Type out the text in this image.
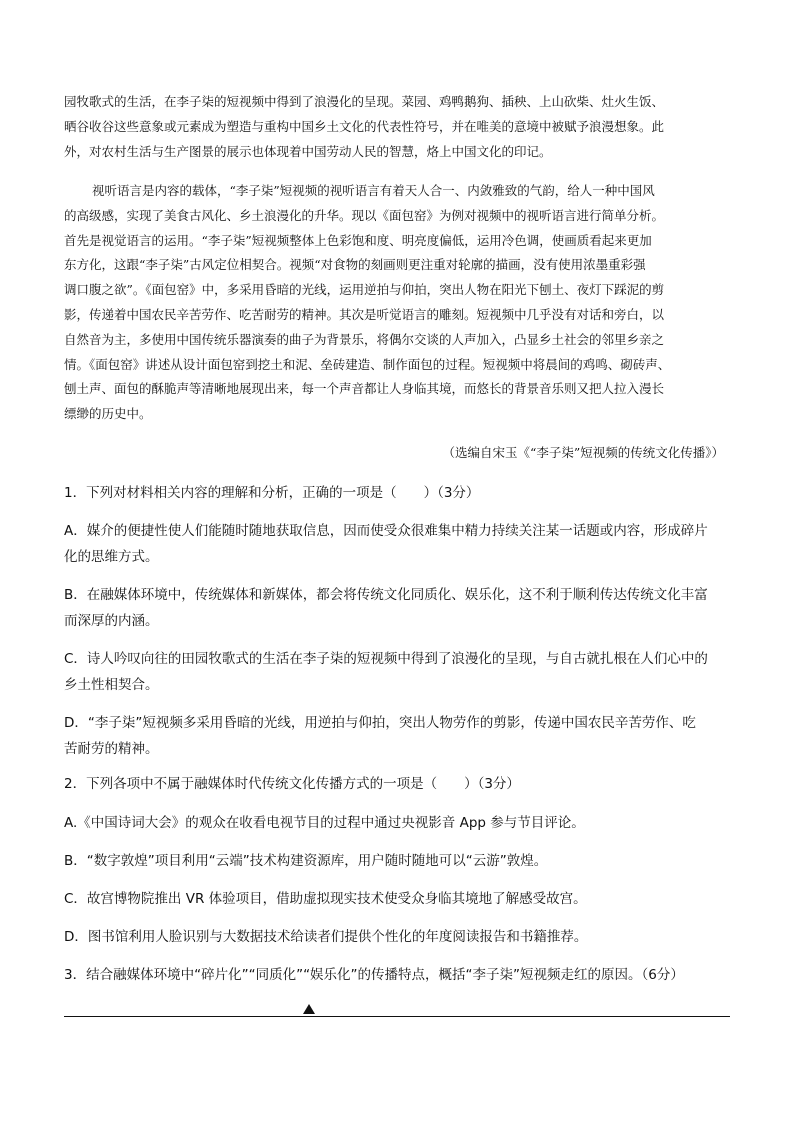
园牧歌式的生活，在李子柒的短视频中得到了浪漫化的呈现。菜园、鸡鸭鹅狗、插秧、上山砍柴、灶火生饭、
晒谷收谷这些意象或元素成为塑造与重构中国乡土文化的代表性符号，并在唯美的意境中被赋予浪漫想象。此
外，对农村生活与生产图景的展示也体现着中国劳动人民的智慧，烙上中国文化的印记。
视听语言是内容的载体，“李子柒”短视频的视听语言有着天人合一、内敛雅致的气韵，给人一种中国风
的高级感，实现了美食古风化、乡土浪漫化的升华。现以《面包窑》为例对视频中的视听语言进行简单分析。
首先是视觉语言的运用。“李子柒”短视频整体上色彩饱和度、明亮度偏低，运用冷色调，使画质看起来更加
东方化，这跟“李子柒”古风定位相契合。视频“对食物的刻画则更注重对轮廓的描画，没有使用浓墨重彩强
调口腹之欲”。《面包窑》中，多采用昏暗的光线，运用逆拍与仰拍，突出人物在阳光下刨土、夜灯下踩泥的剪
影，传递着中国农民辛苦劳作、吃苦耐劳的精神。其次是听觉语言的雕刻。短视频中几乎没有对话和旁白，以
自然音为主，多使用中国传统乐器演奏的曲子为背景乐，将偶尔交谈的人声加入，凸显乡土社会的邻里乡亲之
情。《面包窑》讲述从设计面包窑到挖土和泥、垒砖建造、制作面包的过程。短视频中将晨间的鸡鸣、砌砖声、
刨土声、面包的酥脆声等清晰地展现出来，每一个声音都让人身临其境，而悠长的背景音乐则又把人拉入漫长
缥缈的历史中。
（选编自宋玉《“李子柒”短视频的传统文化传播》）
1．下列对材料相关内容的理解和分析，正确的一项是（　　）（3分）
A．媒介的便捷性使人们能随时随地获取信息，因而使受众很难集中精力持续关注某一话题或内容，形成碎片
化的思维方式。
B．在融媒体环境中，传统媒体和新媒体，都会将传统文化同质化、娱乐化，这不利于顺利传达传统文化丰富
而深厚的内涵。
C．诗人吟叹向往的田园牧歌式的生活在李子柒的短视频中得到了浪漫化的呈现，与自古就扎根在人们心中的
乡土性相契合。
D．“李子柒”短视频多采用昏暗的光线，用逆拍与仰拍，突出人物劳作的剪影，传递中国农民辛苦劳作、吃
苦耐劳的精神。
2．下列各项中不属于融媒体时代传统文化传播方式的一项是（　　）（3分）
A.《中国诗词大会》的观众在收看电视节目的过程中通过央视影音 App 参与节目评论。
B．“数字敦煌”项目利用“云端”技术构建资源库，用户随时随地可以“云游”敦煌。
C．故宫博物院推出 VR 体验项目，借助虚拟现实技术使受众身临其境地了解感受故宫。
D．图书馆利用人脸识别与大数据技术给读者们提供个性化的年度阅读报告和书籍推荐。
3．结合融媒体环境中“碎片化”“同质化”“娱乐化”的传播特点，概括“李子柒”短视频走红的原因。（6分）
